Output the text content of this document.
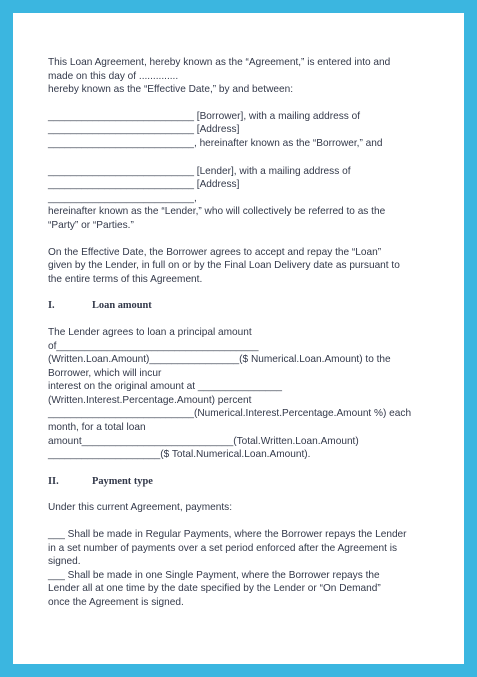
This Loan Agreement, hereby known as the “Agreement,” is entered into and

made on this day of ..............

hereby known as the “Effective Date,” by and between:

__________________________ [Borrower], with a mailing address of

__________________________ [Address]

__________________________, hereinafter known as the “Borrower,” and

__________________________ [Lender], with a mailing address of

__________________________ [Address]

__________________________,

hereinafter known as the “Lender,” who will collectively be referred to as the

“Party” or “Parties.”

On the Effective Date, the Borrower agrees to accept and repay the “Loan”

given by the Lender, in full on or by the Final Loan Delivery date as pursuant to

the entire terms of this Agreement.

I.	Loan amount

The Lender agrees to loan a principal amount

of____________________________________

(Written.Loan.Amount)________________($ Numerical.Loan.Amount) to the

Borrower, which will incur

interest on the original amount at _______________

(Written.Interest.Percentage.Amount) percent

__________________________(Numerical.Interest.Percentage.Amount %) each

month, for a total loan

amount___________________________(Total.Written.Loan.Amount)

____________________($ Total.Numerical.Loan.Amount).

II.	Payment type

Under this current Agreement, payments:

___ Shall be made in Regular Payments, where the Borrower repays the Lender

in a set number of payments over a set period enforced after the Agreement is

signed.

___ Shall be made in one Single Payment, where the Borrower repays the

Lender all at one time by the date specified by the Lender or “On Demand”

once the Agreement is signed.
